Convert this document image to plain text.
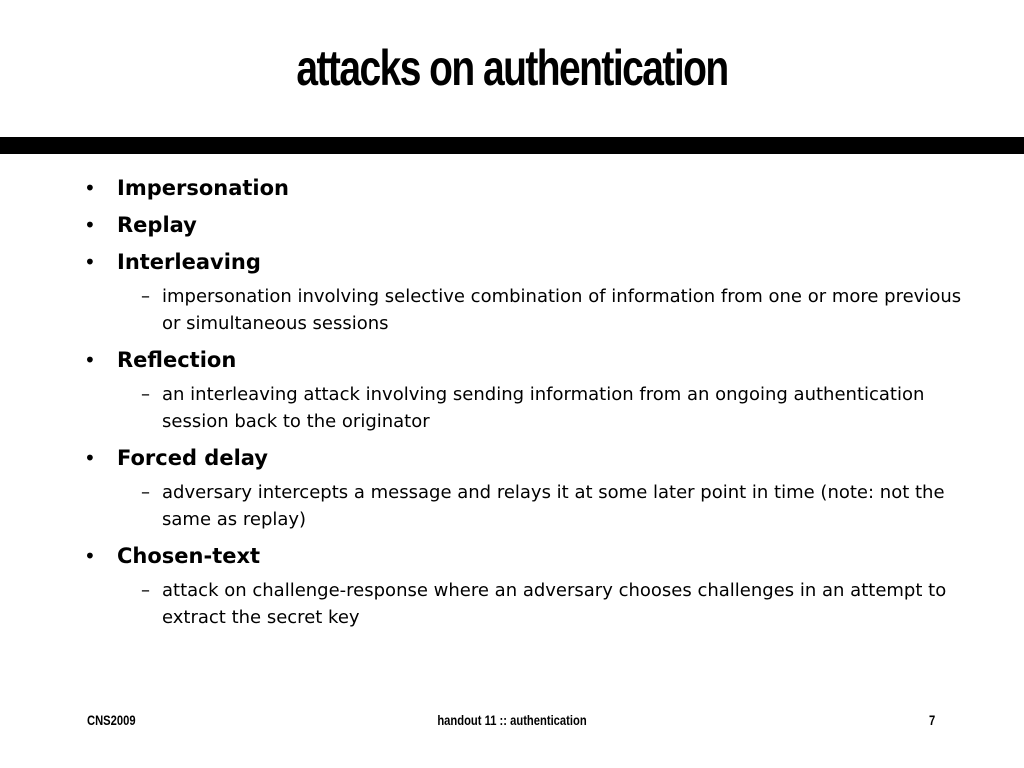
attacks on authentication
•	Impersonation
•	Replay
•	Interleaving
– impersonation involving selective combination of information from one or more previous or simultaneous sessions
•	Reflection
– an interleaving attack involving sending information from an ongoing authentication session back to the originator
•	Forced delay
– adversary intercepts a message and relays it at some later point in time (note: not the same as replay)
•	Chosen-text
– attack on challenge-response where an adversary chooses challenges in an attempt to extract the secret key
CNS2009	handout 11 :: authentication	7
